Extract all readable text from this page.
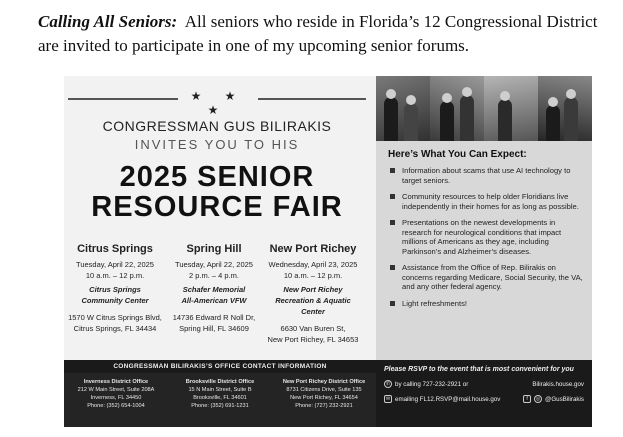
Calling All Seniors: All seniors who reside in Florida’s 12 Congressional District are invited to participate in one of my upcoming senior forums.
★ ★ ★
CONGRESSMAN GUS BILIRAKIS
INVITES YOU TO HIS
2025 SENIOR
RESOURCE FAIR
Citrus Springs
Tuesday, April 22, 2025
10 a.m. – 12 p.m.
Citrus Springs
Community Center
1570 W Citrus Springs Blvd,
Citrus Springs, FL 34434
Spring Hill
Tuesday, April 22, 2025
2 p.m. – 4 p.m.
Schafer Memorial
All-American VFW
14736 Edward R Noll Dr,
Spring Hill, FL 34609
New Port Richey
Wednesday, April 23, 2025
10 a.m. – 12 p.m.
New Port Richey
Recreation & Aquatic Center
6630 Van Buren St,
New Port Richey, FL 34653
Here’s What You Can Expect:
Information about scams that use AI technology to target seniors.
Community resources to help older Floridians live independently in their homes for as long as possible.
Presentations on the newest developments in research for neurological conditions that impact millions of Americans as they age, including Parkinson’s and Alzheimer’s diseases.
Assistance from the Office of Rep. Bilirakis on concerns regarding Medicare, Social Security, the VA, and any other federal agency.
Light refreshments!
CONGRESSMAN BILIRAKIS’S OFFICE CONTACT INFORMATION
Inverness District Office
212 W Main Street, Suite 208A
Inverness, FL 34450
Phone: (352) 654-1004
Brooksville District Office
15 N Main Street, Suite B
Brooksville, FL 34601
Phone: (352) 691-1231
New Port Richey District Office
8731 Citizens Drive, Suite 135
New Port Richey, FL 34654
Phone: (727) 232-2921
Please RSVP to the event that is most convenient for you
✆ by calling 727-232-2921 or	Bilirakis.house.gov
✉ emailing FL12.RSVP@mail.house.gov	f	◎ @GusBilirakis
